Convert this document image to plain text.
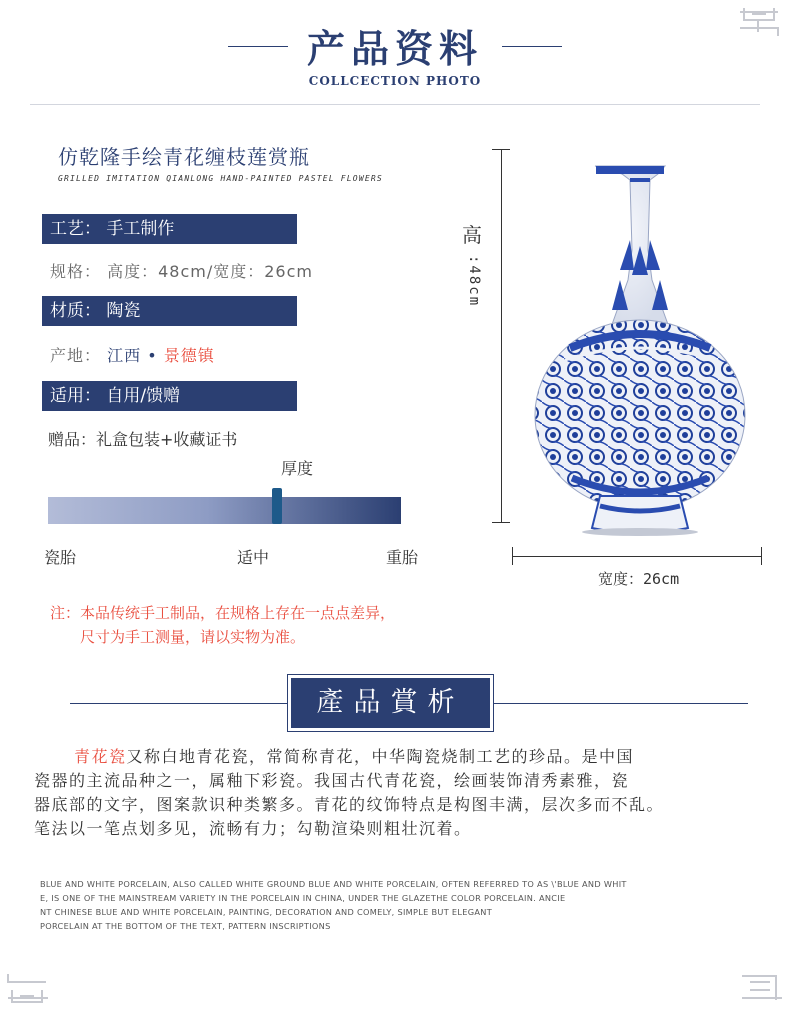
产品资料
COLLCECTION PHOTO
仿乾隆手绘青花缠枝莲赏瓶
GRILLED IMITATION QIANLONG HAND-PAINTED PASTEL FLOWERS
工艺： 手工制作
规格： 高度：48cm/宽度：26cm
材质： 陶瓷
产地： 江西 • 景德镇
适用： 自用/馈赠
赠品：礼盒包装+收藏证书
厚度
瓷胎	适中	重胎
注：本品传统手工制品，在规格上存在一点点差异，
尺寸为手工测量，请以实物为准。
高
:48cm
宽度：26cm
產品賞析
青花瓷又称白地青花瓷，常简称青花，中华陶瓷烧制工艺的珍品。是中国
瓷器的主流品种之一，属釉下彩瓷。我国古代青花瓷，绘画装饰清秀素雅，瓷
器底部的文字，图案款识种类繁多。青花的纹饰特点是构图丰满，层次多而不乱。
笔法以一笔点划多见，流畅有力；勾勒渲染则粗壮沉着。
BLUE AND WHITE PORCELAIN, ALSO CALLED WHITE GROUND BLUE AND WHITE PORCELAIN, OFTEN REFERRED TO AS \'BLUE AND WHIT
E, IS ONE OF THE MAINSTREAM VARIETY IN THE PORCELAIN IN CHINA, UNDER THE GLAZETHE COLOR PORCELAIN. ANCIE
NT CHINESE BLUE AND WHITE PORCELAIN, PAINTING, DECORATION AND COMELY, SIMPLE BUT ELEGANT
PORCELAIN AT THE BOTTOM OF THE TEXT, PATTERN INSCRIPTIONS
